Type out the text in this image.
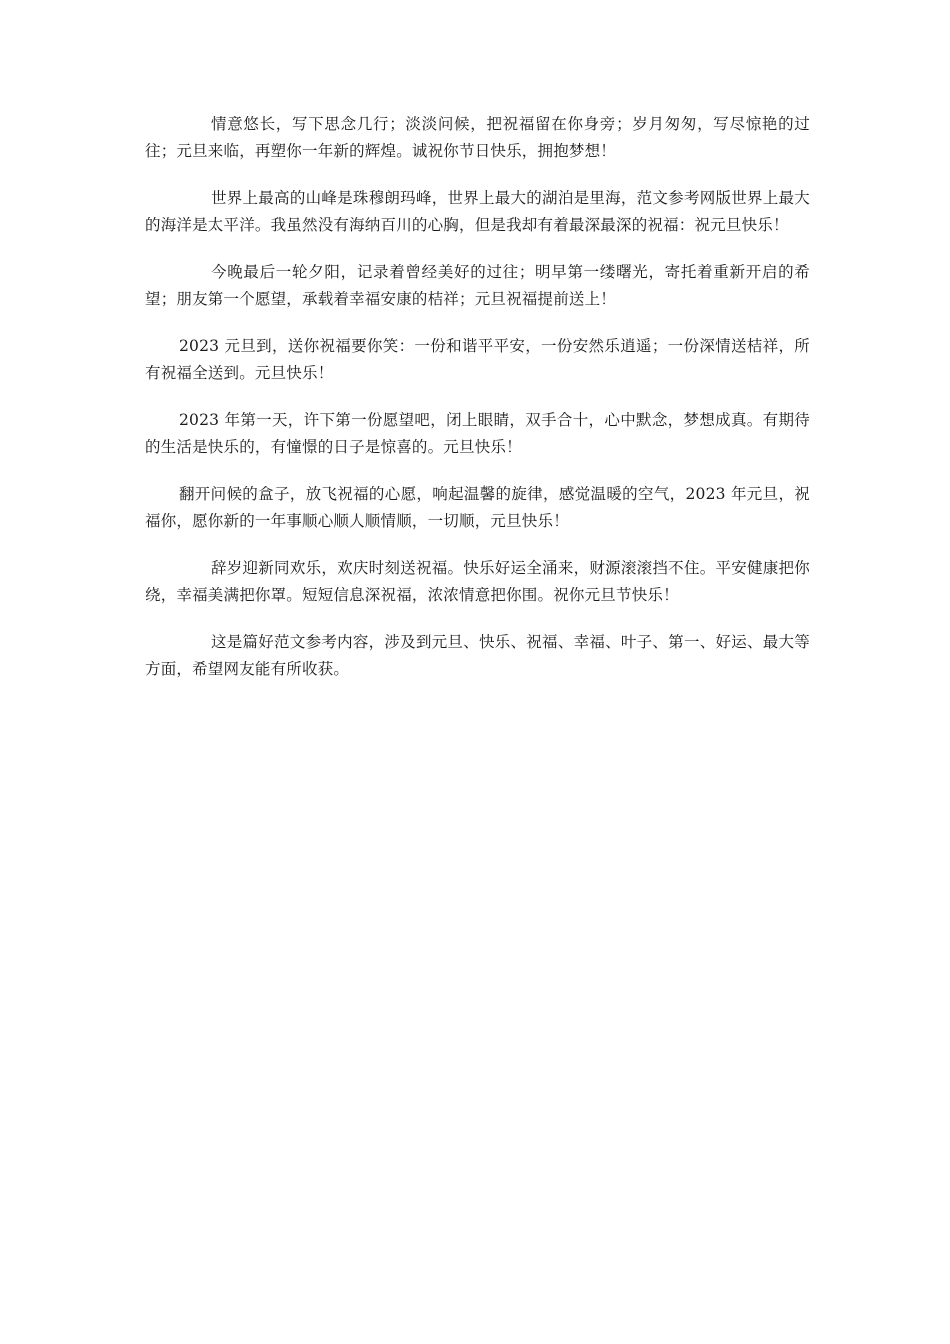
情意悠长，写下思念几行；淡淡问候，把祝福留在你身旁；岁月匆匆，写尽惊艳的过往；元旦来临，再塑你一年新的辉煌。诚祝你节日快乐，拥抱梦想！

世界上最高的山峰是珠穆朗玛峰，世界上最大的湖泊是里海，范文参考网版世界上最大的海洋是太平洋。我虽然没有海纳百川的心胸，但是我却有着最深最深的祝福：祝元旦快乐！

今晚最后一轮夕阳，记录着曾经美好的过往；明早第一缕曙光，寄托着重新开启的希望；朋友第一个愿望，承载着幸福安康的桔祥；元旦祝福提前送上！

2023 元旦到，送你祝福要你笑：一份和谐平平安，一份安然乐逍遥；一份深情送桔祥，所有祝福全送到。元旦快乐！

2023 年第一天，许下第一份愿望吧，闭上眼睛，双手合十，心中默念，梦想成真。有期待的生活是快乐的，有憧憬的日子是惊喜的。元旦快乐！

翻开问候的盒子，放飞祝福的心愿，响起温馨的旋律，感觉温暖的空气，2023 年元旦，祝福你，愿你新的一年事顺心顺人顺情顺，一切顺，元旦快乐！

辞岁迎新同欢乐，欢庆时刻送祝福。快乐好运全涌来，财源滚滚挡不住。平安健康把你绕，幸福美满把你罩。短短信息深祝福，浓浓情意把你围。祝你元旦节快乐！

这是篇好范文参考内容，涉及到元旦、快乐、祝福、幸福、叶子、第一、好运、最大等方面，希望网友能有所收获。
